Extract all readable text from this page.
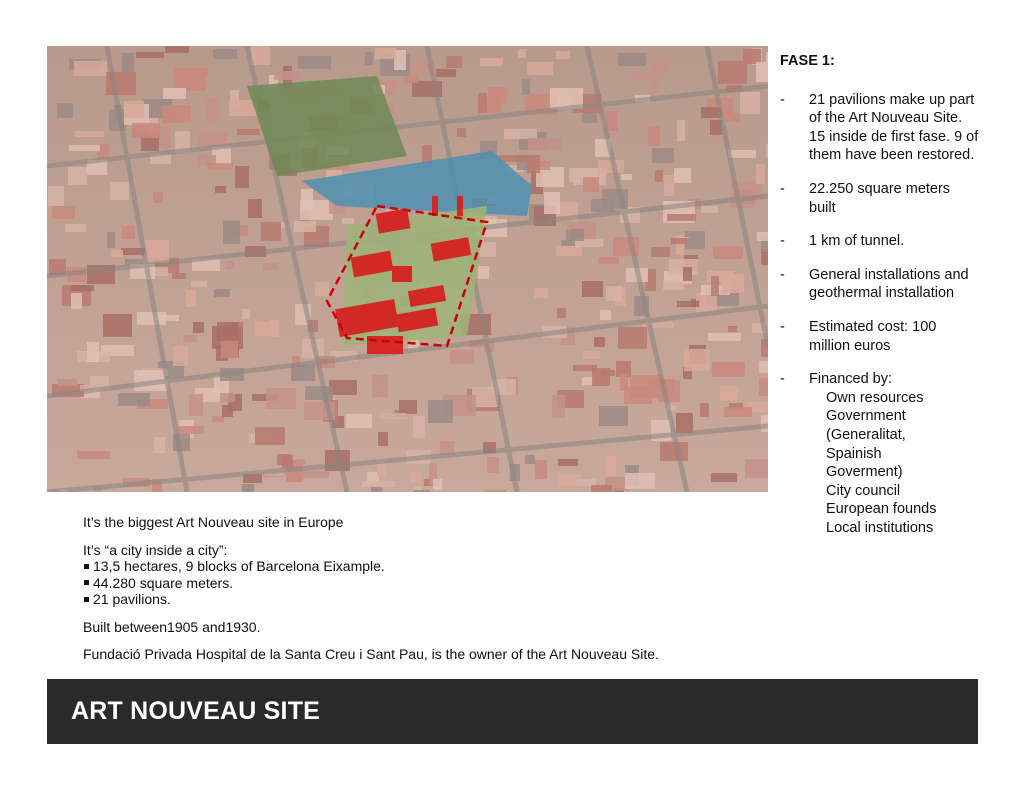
FASE 1:
- 21 pavilions make up part of the Art Nouveau Site. 15 inside de first fase. 9 of them have been restored.
- 22.250 square meters built
- 1 km of tunnel.
- General installations and geothermal installation
- Estimated cost: 100 million euros
- Financed by:
Own resources
Government
(Generalitat,
Spainish
Goverment)
City council
European founds
Local institutions

It’s the biggest Art Nouveau site in Europe

It’s “a city inside a city”:

13,5 hectares, 9 blocks of Barcelona Eixample.

44.280 square meters.

21 pavilions.

Built between1905 and1930.

Fundació Privada Hospital de la Santa Creu i Sant Pau, is the owner of the Art Nouveau Site.

ART NOUVEAU SITE
